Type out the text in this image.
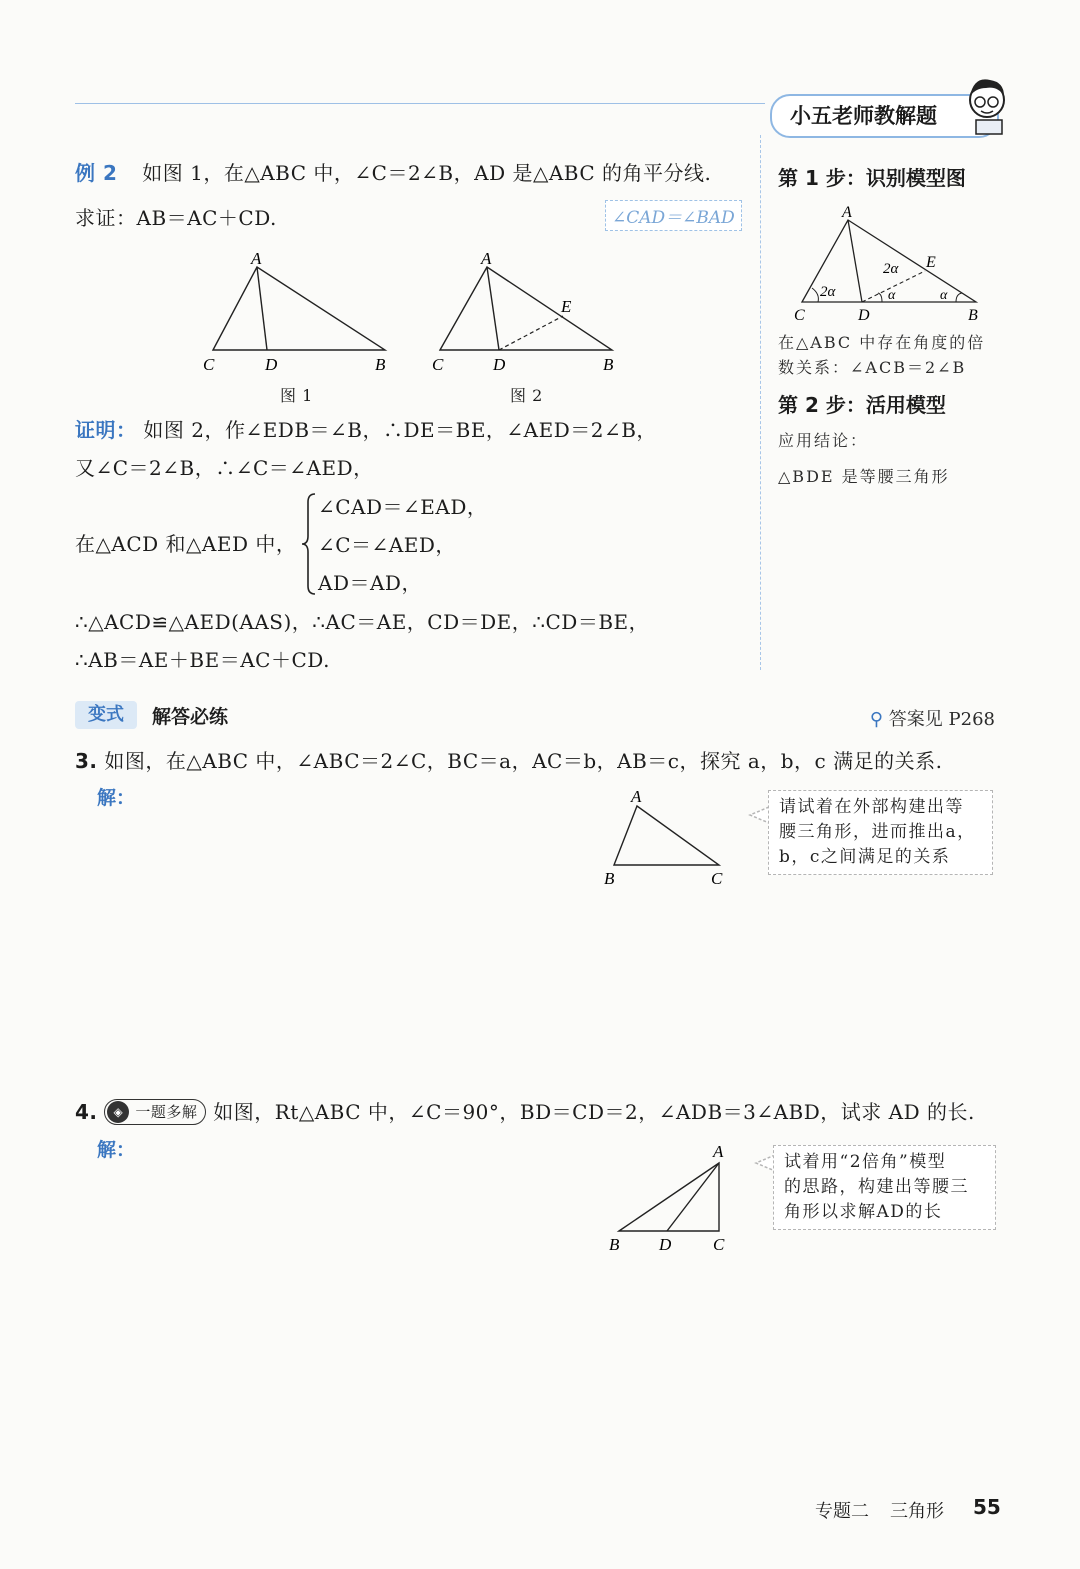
小五老师教解题
例 2 如图 1，在△ABC 中，∠C＝2∠B，AD 是△ABC 的角平分线.
求证：AB＝AC＋CD.	∠CAD＝∠BAD
A
C	D	B
图 1
A
E
C	D	B
图 2
证明： 如图 2，作∠EDB＝∠B，∴DE＝BE，∠AED＝2∠B，
又∠C＝2∠B，∴∠C＝∠AED，
在△ACD 和△AED 中，
∠CAD＝∠EAD，
∠C＝∠AED，
AD＝AD，
∴△ACD≌△AED(AAS)，∴AC＝AE，CD＝DE，∴CD＝BE，
∴AB＝AE＋BE＝AC＋CD.
第 1 步：识别模型图
A
E
2α
2α	α	α
C	D	B
在△ABC 中存在角度的倍
数关系：∠ACB＝2∠B
第 2 步：活用模型
应用结论：
△BDE 是等腰三角形
变式	解答必练	⚲ 答案见 P268
3. 如图，在△ABC 中，∠ABC＝2∠C，BC＝a，AC＝b，AB＝c，探究 a，b，c 满足的关系.
解：	A
B	C
请试着在外部构建出等
腰三角形，进而推出a，
b，c之间满足的关系
4.	◈ 一题多解 如图，Rt△ABC 中，∠C＝90°，BD＝CD＝2，∠ADB＝3∠ABD，试求 AD 的长.
解：	A
B D C
试着用“2倍角”模型
的思路，构建出等腰三
角形以求解AD的长
专题二 三角形 55
